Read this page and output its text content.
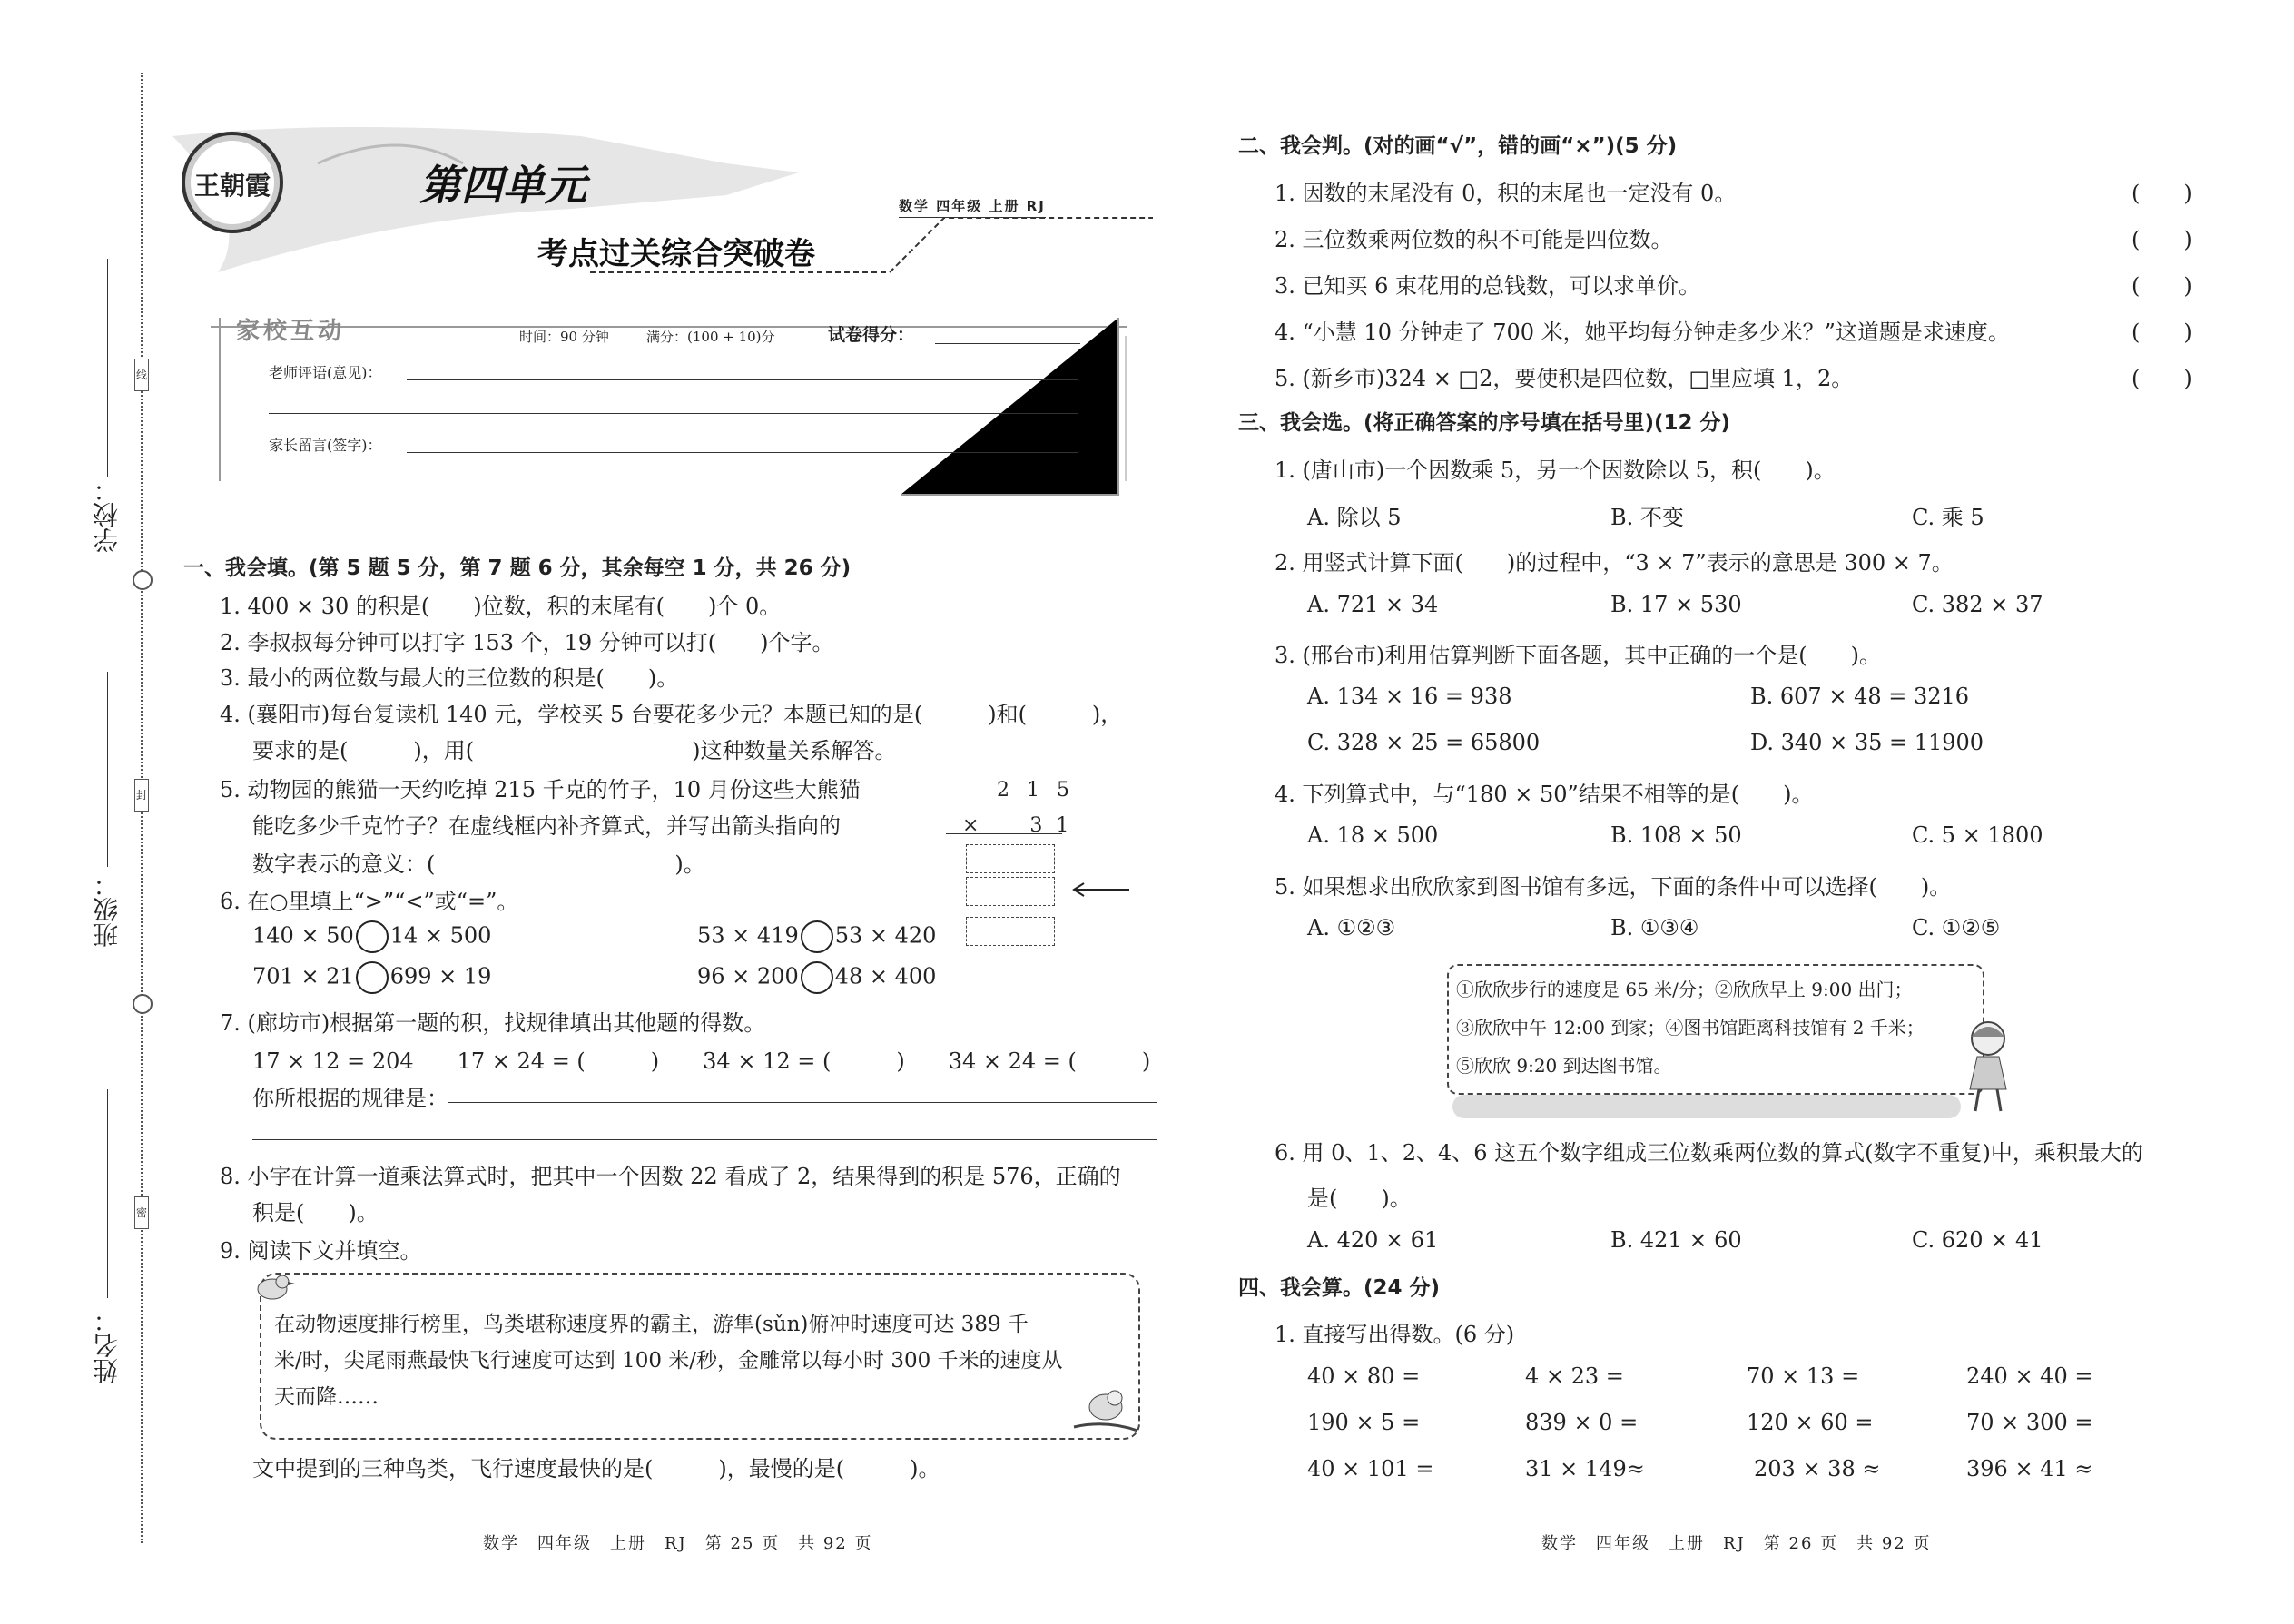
线
封
密
学校：
班级：
姓名：
王朝霞	第四单元
考点过关综合突破卷
数学 四年级 上册 RJ
家校互动	时间：90 分钟	满分：(100 + 10)分	试卷得分：
老师评语(意见)：
家长留言(签字)：
一、我会填。(第 5 题 5 分，第 7 题 6 分，其余每空 1 分，共 26 分)
1. 400 × 30 的积是(　　)位数，积的末尾有(　　)个 0。
2. 李叔叔每分钟可以打字 153 个，19 分钟可以打(　　)个字。
3. 最小的两位数与最大的三位数的积是(　　)。
4. (襄阳市)每台复读机 140 元，学校买 5 台要花多少元？本题已知的是(　　　)和(　　　)，
要求的是(　　　)，用(　　　　　　　　　　)这种数量关系解答。
5. 动物园的熊猫一天约吃掉 215 千克的竹子，10 月份这些大熊猫
能吃多少千克竹子？在虚线框内补齐算式，并写出箭头指向的
数字表示的意义：(　　　　　　　　　　　)。
2 1 5
×　　3 1
6. 在○里填上“>”“<”或“=”。
140 × 50 14 × 500	53 × 419 53 × 420
701 × 21 699 × 19	96 × 200 48 × 400
7. (廊坊市)根据第一题的积，找规律填出其他题的得数。
17 × 12 = 204　　17 × 24 = (　　　)　　34 × 12 = (　　　)　　34 × 24 = (　　　)
你所根据的规律是：
8. 小宇在计算一道乘法算式时，把其中一个因数 22 看成了 2，结果得到的积是 576，正确的
积是(　　)。
9. 阅读下文并填空。
在动物速度排行榜里，鸟类堪称速度界的霸主，游隼(sǔn)俯冲时速度可达 389 千
米/时，尖尾雨燕最快飞行速度可达到 100 米/秒，金雕常以每小时 300 千米的速度从
天而降……
文中提到的三种鸟类，飞行速度最快的是(　　　)，最慢的是(　　　)。
数学　四年级　上册　RJ　第 25 页　共 92 页
二、我会判。(对的画“√”，错的画“×”)(5 分)
1. 因数的末尾没有 0，积的末尾也一定没有 0。	(　　)
2. 三位数乘两位数的积不可能是四位数。	(　　)
3. 已知买 6 束花用的总钱数，可以求单价。	(　　)
4. “小慧 10 分钟走了 700 米，她平均每分钟走多少米？”这道题是求速度。	(　　)
5. (新乡市)324 × □2，要使积是四位数，□里应填 1，2。	(　　)
三、我会选。(将正确答案的序号填在括号里)(12 分)
1. (唐山市)一个因数乘 5，另一个因数除以 5，积(　　)。
A. 除以 5	B. 不变	C. 乘 5
2. 用竖式计算下面(　　)的过程中，“3 × 7”表示的意思是 300 × 7。
A. 721 × 34	B. 17 × 530	C. 382 × 37
3. (邢台市)利用估算判断下面各题，其中正确的一个是(　　)。
A. 134 × 16 = 938	B. 607 × 48 = 3216
C. 328 × 25 = 65800	D. 340 × 35 = 11900
4. 下列算式中，与“180 × 50”结果不相等的是(　　)。
A. 18 × 500	B. 108 × 50	C. 5 × 1800
5. 如果想求出欣欣家到图书馆有多远，下面的条件中可以选择(　　)。
A. ①②③	B. ①③④	C. ①②⑤
①欣欣步行的速度是 65 米/分；②欣欣早上 9:00 出门；
③欣欣中午 12:00 到家；④图书馆距离科技馆有 2 千米；
⑤欣欣 9:20 到达图书馆。
6. 用 0、1、2、4、6 这五个数字组成三位数乘两位数的算式(数字不重复)中，乘积最大的
是(　　)。
A. 420 × 61	B. 421 × 60	C. 620 × 41
四、我会算。(24 分)
1. 直接写出得数。(6 分)
40 × 80 =	4 × 23 =	70 × 13 =	240 × 40 =
190 × 5 =	839 × 0 =	120 × 60 =	70 × 300 =
40 × 101 =	31 × 149≈	203 × 38 ≈	396 × 41 ≈
数学　四年级　上册　RJ　第 26 页　共 92 页
